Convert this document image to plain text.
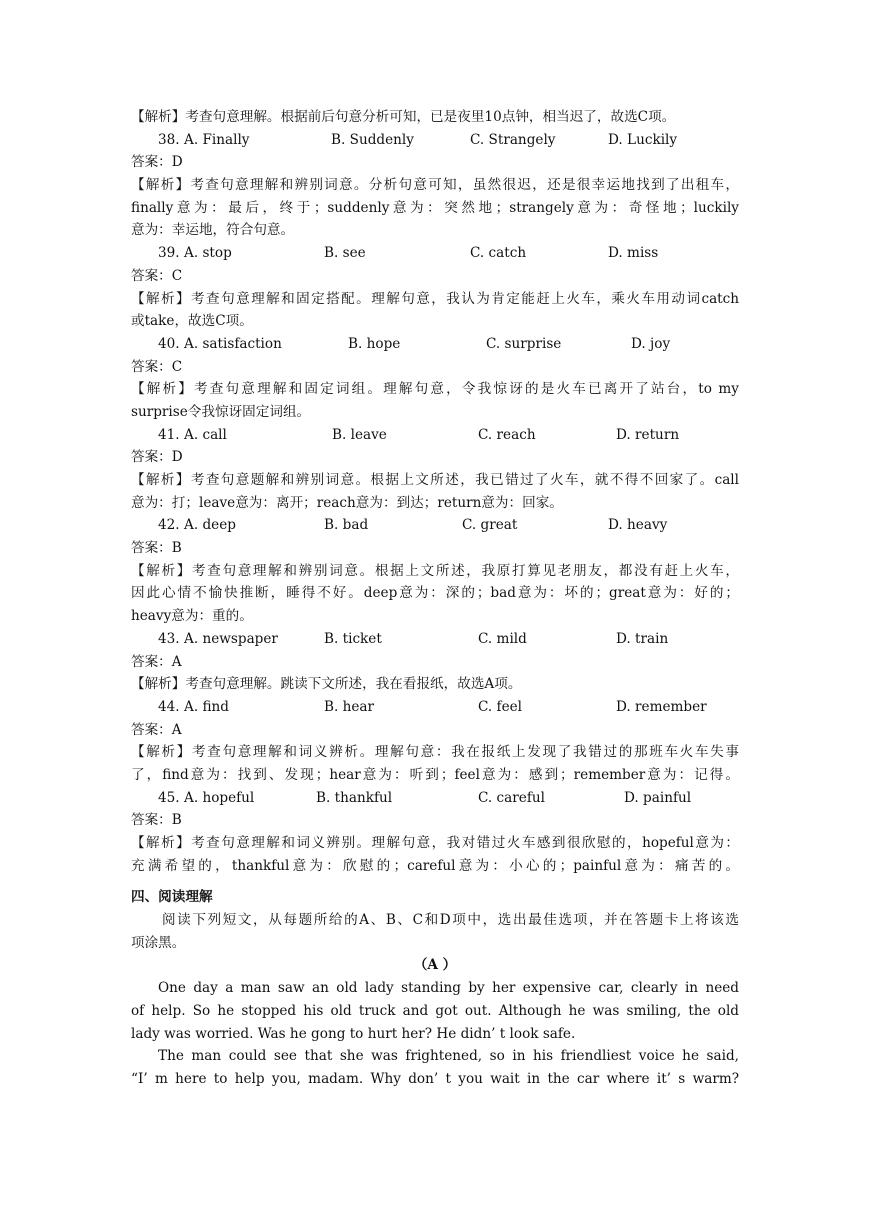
【解析】考查句意理解。根据前后句意分析可知，已是夜里10点钟，相当迟了，故选C项。
38. A. Finally	B. Suddenly	C. Strangely	D. Luckily
答案：D
【解析】考查句意理解和辨别词意。分析句意可知，虽然很迟，还是很幸运地找到了出租车，
finally意为：最后，终于；suddenly意为：突然地；strangely意为：奇怪地；luckily
意为：幸运地，符合句意。
39. A. stop	B. see	C. catch	D. miss
答案：C
【解析】考查句意理解和固定搭配。理解句意，我认为肯定能赶上火车，乘火车用动词catch
或take，故选C项。
40. A. satisfaction	B. hope	C. surprise	D. joy
答案：C
【解析】考查句意理解和固定词组。理解句意，令我惊讶的是火车已离开了站台，to my
surprise令我惊讶固定词组。
41. A. call	B. leave	C. reach	D. return
答案：D
【解析】考查句意题解和辨别词意。根据上文所述，我已错过了火车，就不得不回家了。call
意为：打；leave意为：离开；reach意为：到达；return意为：回家。
42. A. deep	B. bad	C. great	D. heavy
答案：B
【解析】考查句意理解和辨别词意。根据上文所述，我原打算见老朋友，都没有赶上火车，
因此心情不愉快推断，睡得不好。deep意为：深的；bad意为：坏的；great意为：好的；
heavy意为：重的。
43. A. newspaper	B. ticket	C. mild	D. train
答案：A
【解析】考查句意理解。跳读下文所述，我在看报纸，故选A项。
44. A. find	B. hear	C. feel	D. remember
答案：A
【解析】考查句意理解和词义辨析。理解句意：我在报纸上发现了我错过的那班车火车失事
了，find意为：找到、发现；hear意为：听到；feel意为：感到；remember意为：记得。
45. A. hopeful	B. thankful	C. careful	D. painful
答案：B
【解析】考查句意理解和词义辨别。理解句意，我对错过火车感到很欣慰的，hopeful意为：
充满希望的，thankful意为：欣慰的；careful意为：小心的；painful意为：痛苦的。
四、阅读理解
阅读下列短文，从每题所给的A、B、C和D项中，选出最佳选项，并在答题卡上将该选
项涂黑。
（A ）
One day a man saw an old lady standing by her expensive car, clearly in need
of help. So he stopped his old truck and got out. Although he was smiling, the old
lady was worried. Was he gong to hurt her? He didn’ t look safe.
The man could see that she was frightened, so in his friendliest voice he said,
“I’ m here to help you, madam. Why don’ t you wait in the car where it’ s warm?
